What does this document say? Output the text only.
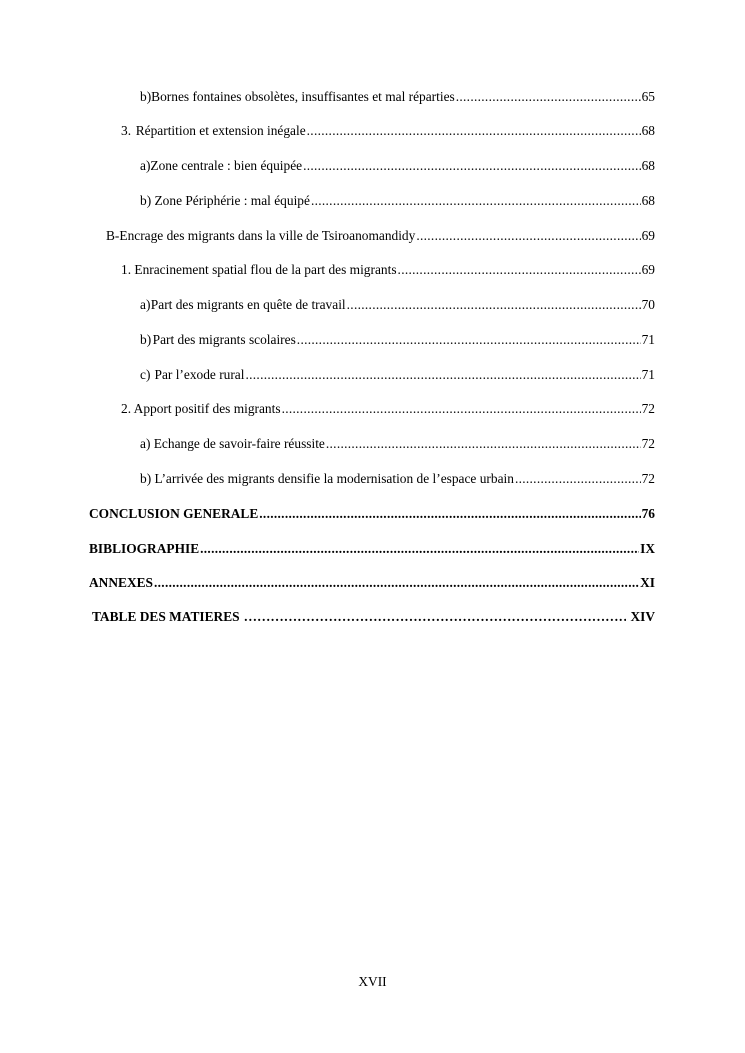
b) Bornes fontaines obsolètes, insuffisantes et mal réparties .....	65
3. Répartition et extension inégale .....	68
a)Zone centrale : bien équipée .....	68
b) Zone Périphérie : mal équipé .....	68
B-Encrage des migrants dans la ville de Tsiroanomandidy .....	69
1. Enracinement spatial flou de la part des migrants .....	69
a) Part des migrants en quête de travail .....	70
b) Part des migrants scolaires .....	71
c) Par l’exode rural .....	71
2. Apport positif des migrants .....	72
a) Echange de savoir-faire réussite .....	72
b) L’arrivée des migrants densifie la modernisation de l’espace urbain .....	72
CONCLUSION GENERALE .....	76
BIBLIOGRAPHIE .....	IX
ANNEXES .....	XI
TABLE DES MATIERES …………………………………………………………………………………………………………………………	XIV
XVII
